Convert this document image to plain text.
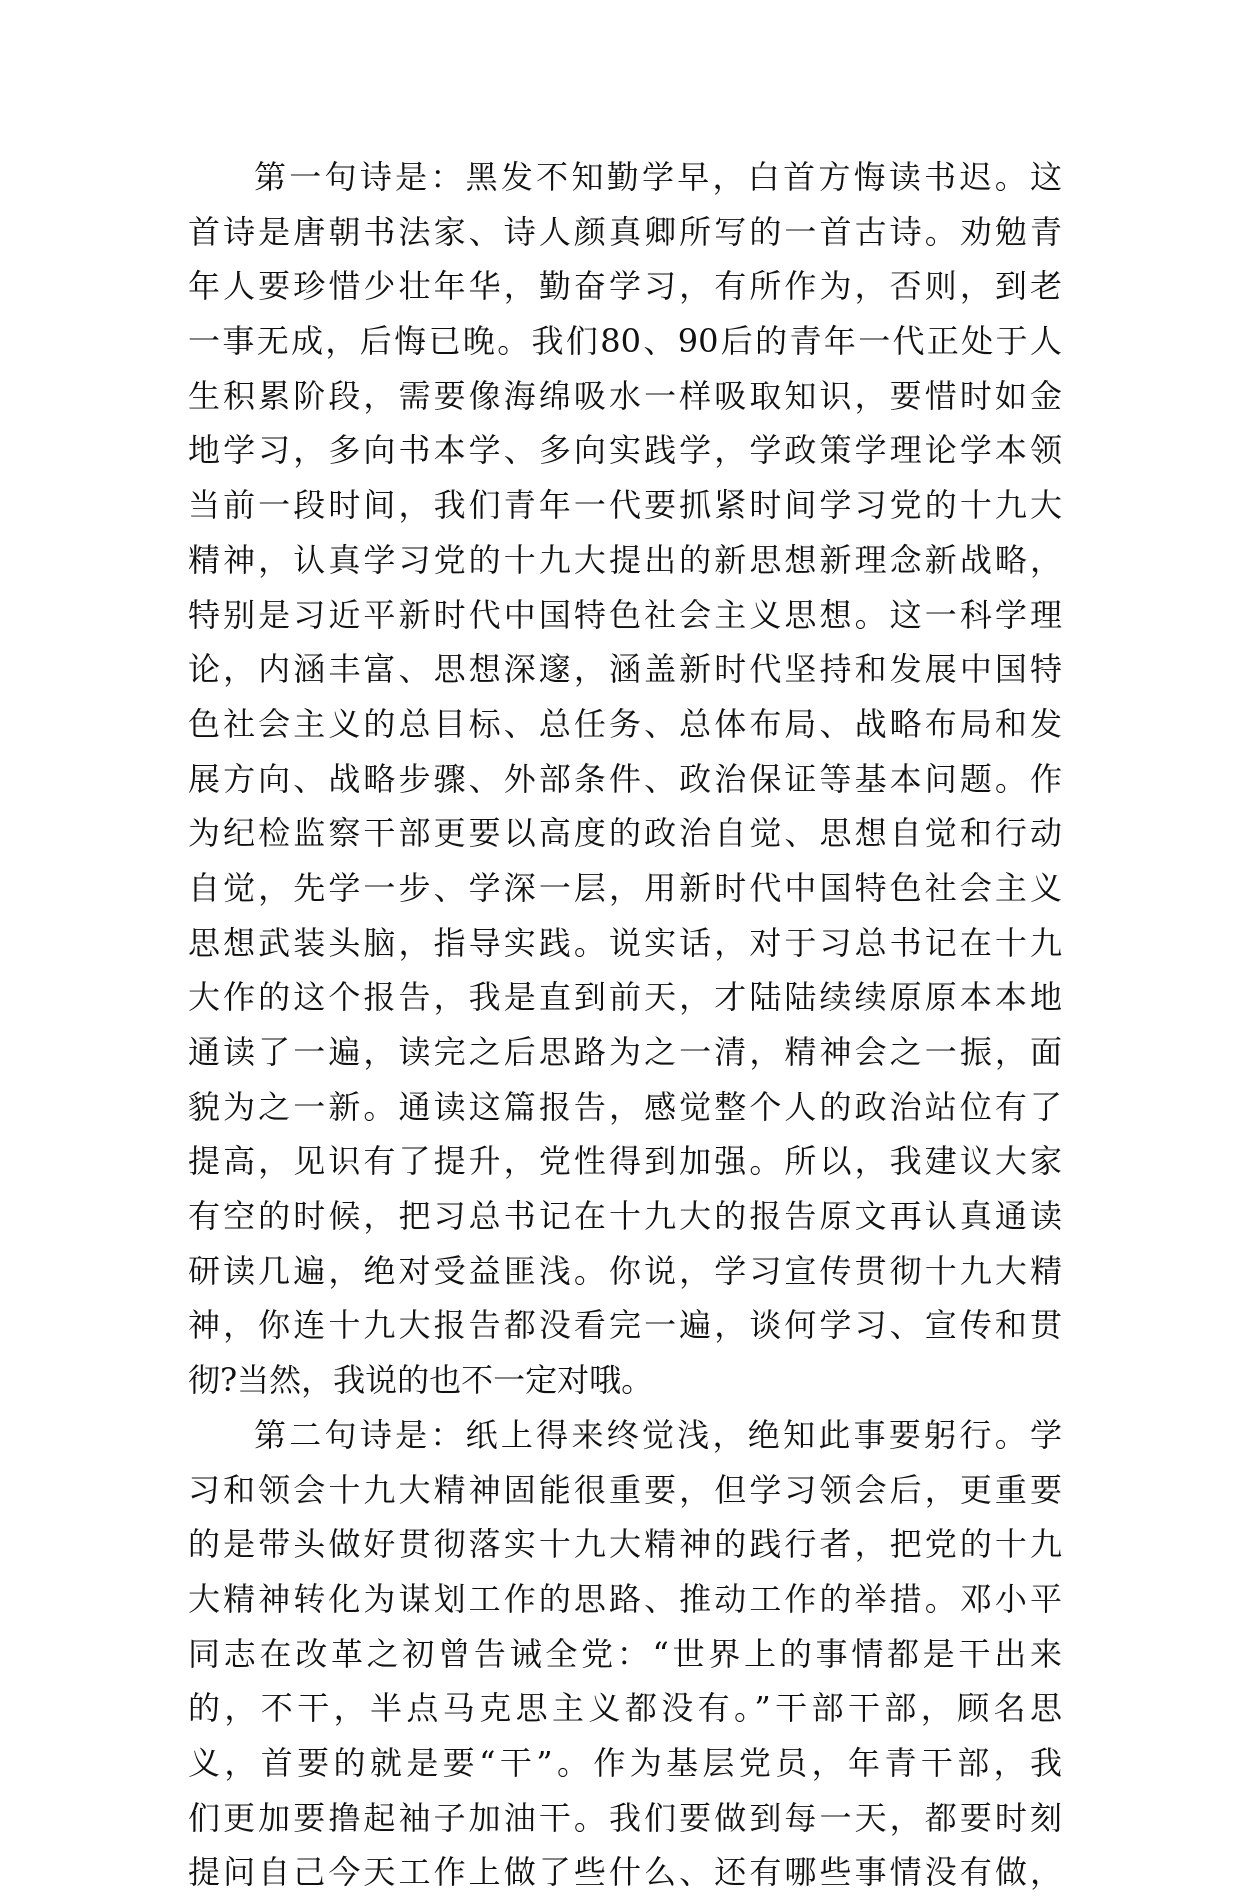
第一句诗是：黑发不知勤学早，白首方悔读书迟。这
首诗是唐朝书法家、诗人颜真卿所写的一首古诗。劝勉青
年人要珍惜少壮年华，勤奋学习，有所作为，否则，到老
一事无成，后悔已晚。我们80、90后的青年一代正处于人
生积累阶段，需要像海绵吸水一样吸取知识，要惜时如金
地学习，多向书本学、多向实践学，学政策学理论学本领
当前一段时间，我们青年一代要抓紧时间学习党的十九大
精神，认真学习党的十九大提出的新思想新理念新战略，
特别是习近平新时代中国特色社会主义思想。这一科学理
论，内涵丰富、思想深邃，涵盖新时代坚持和发展中国特
色社会主义的总目标、总任务、总体布局、战略布局和发
展方向、战略步骤、外部条件、政治保证等基本问题。作
为纪检监察干部更要以高度的政治自觉、思想自觉和行动
自觉，先学一步、学深一层，用新时代中国特色社会主义
思想武装头脑，指导实践。说实话，对于习总书记在十九
大作的这个报告，我是直到前天，才陆陆续续原原本本地
通读了一遍，读完之后思路为之一清，精神会之一振，面
貌为之一新。通读这篇报告，感觉整个人的政治站位有了
提高，见识有了提升，党性得到加强。所以，我建议大家
有空的时候，把习总书记在十九大的报告原文再认真通读
研读几遍，绝对受益匪浅。你说，学习宣传贯彻十九大精
神，你连十九大报告都没看完一遍，谈何学习、宣传和贯
彻?当然，我说的也不一定对哦。
第二句诗是：纸上得来终觉浅，绝知此事要躬行。学
习和领会十九大精神固能很重要，但学习领会后，更重要
的是带头做好贯彻落实十九大精神的践行者，把党的十九
大精神转化为谋划工作的思路、推动工作的举措。邓小平
同志在改革之初曾告诫全党：“世界上的事情都是干出来
的，不干，半点马克思主义都没有。”干部干部，顾名思
义，首要的就是要“干”。作为基层党员，年青干部，我
们更加要撸起袖子加油干。我们要做到每一天，都要时刻
提问自己今天工作上做了些什么、还有哪些事情没有做，
